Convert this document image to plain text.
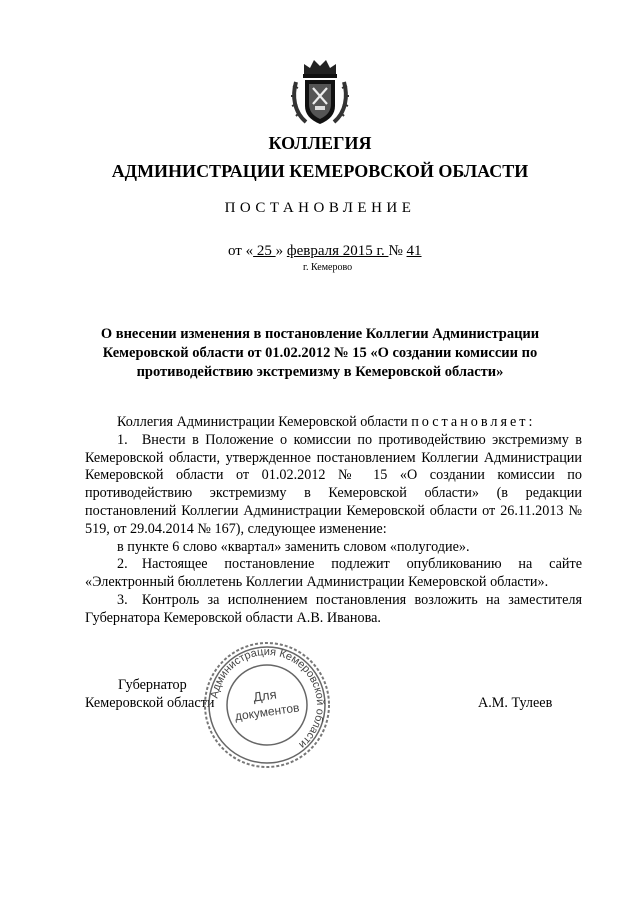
КОЛЛЕГИЯ
АДМИНИСТРАЦИИ КЕМЕРОВСКОЙ ОБЛАСТИ
ПОСТАНОВЛЕНИЕ
от « 25 » февраля 2015 г. № 41
г. Кемерово
О внесении изменения в постановление Коллегии Администрации Кемеровской области от 01.02.2012 № 15 «О создании комиссии по противодействию экстремизму в Кемеровской области»

Коллегия Администрации Кемеровской области постановляет:

1. Внести в Положение о комиссии по противодействию экстремизму в Кемеровской области, утвержденное постановлением Коллегии Администрации Кемеровской области от 01.02.2012 № 15 «О создании комиссии по противодействию экстремизму в Кемеровской области» (в редакции постановлений Коллегии Администрации Кемеровской области от 26.11.2013 № 519, от 29.04.2014 № 167), следующее изменение:

в пункте 6 слово «квартал» заменить словом «полугодие».

2. Настоящее постановление подлежит опубликованию на сайте «Электронный бюллетень Коллегии Администрации Кемеровской области».

3. Контроль за исполнением постановления возложить на заместителя Губернатора Кемеровской области А.В. Иванова.

Губернатор
Кемеровской области	А.М. Тулеев
Администрация Кемеровской области
Для
документов
